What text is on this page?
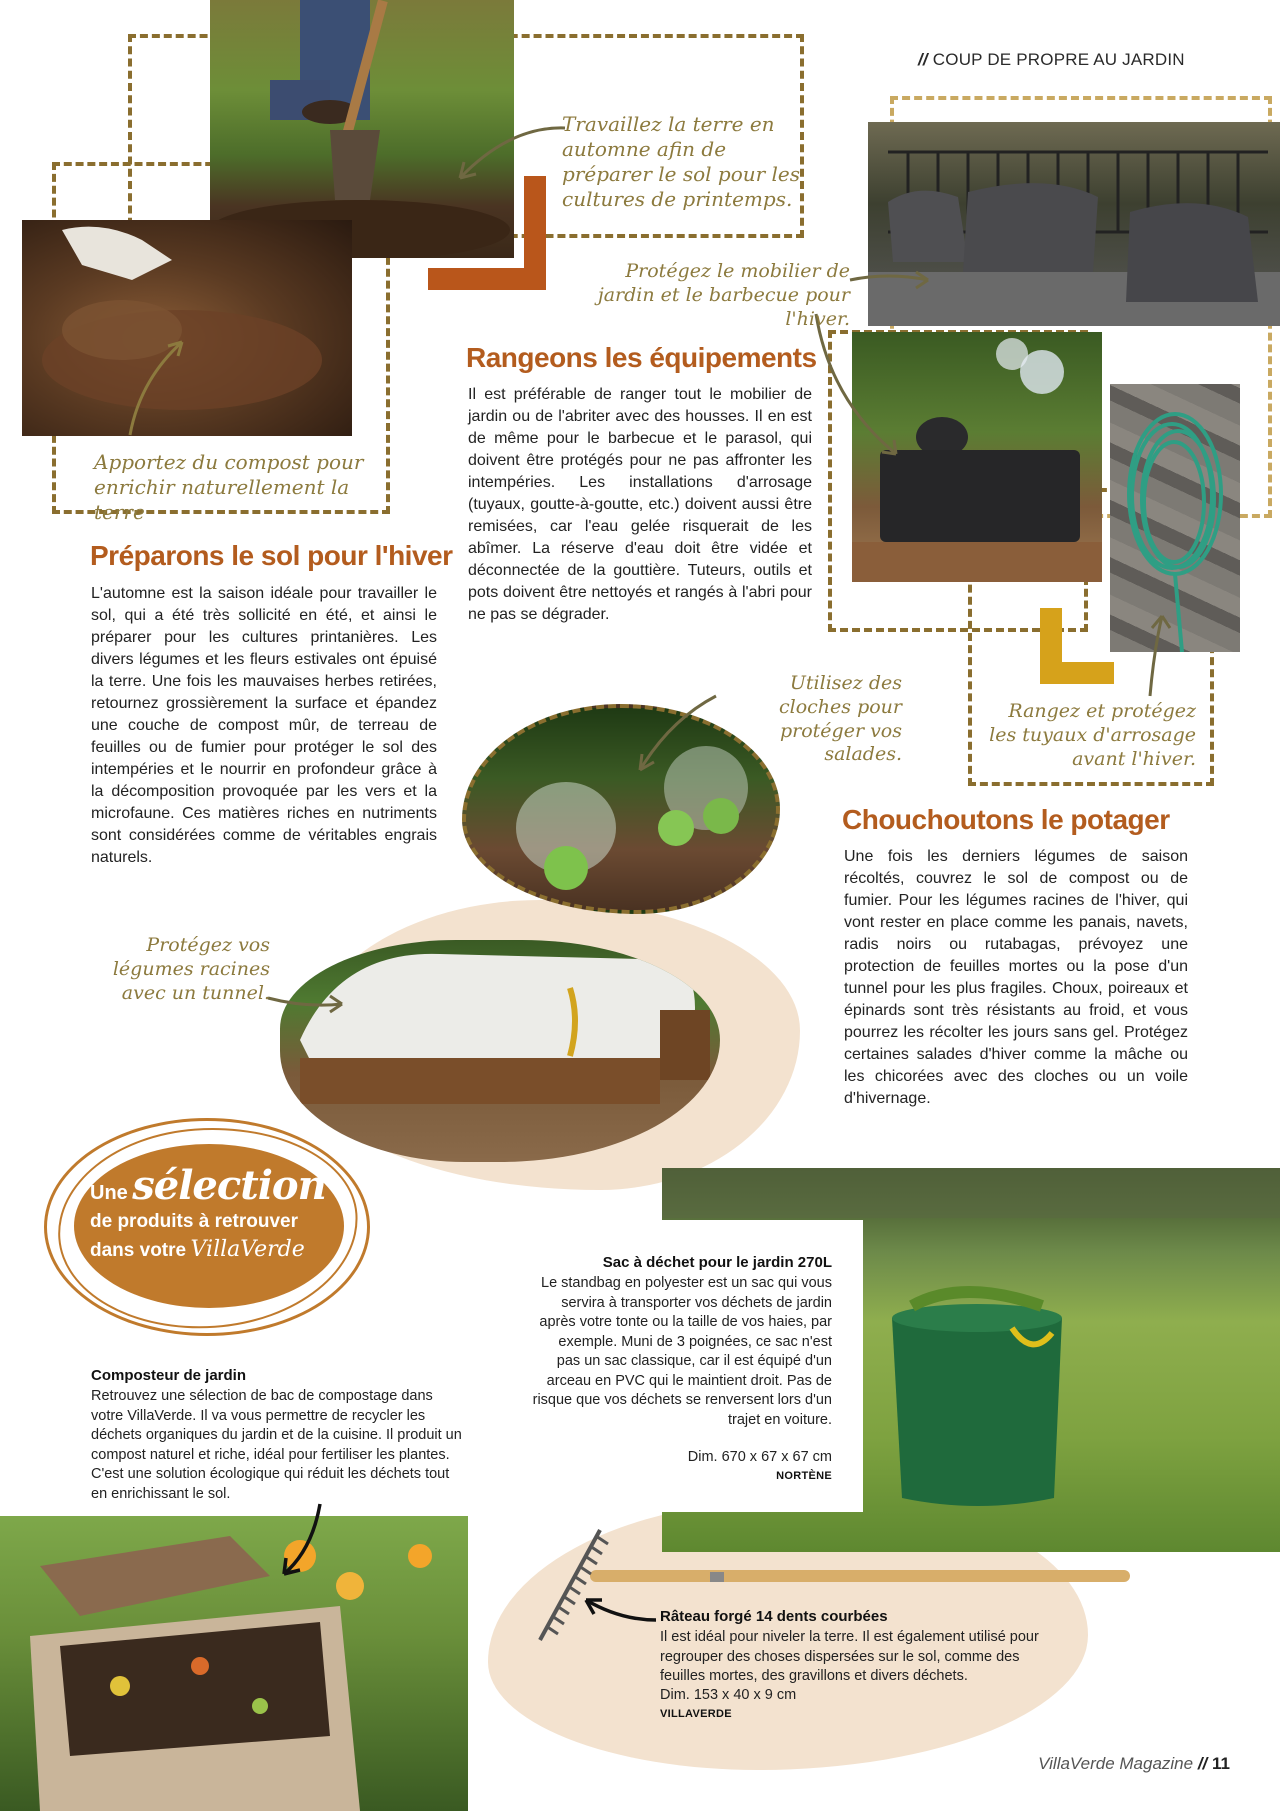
// COUP DE PROPRE AU JARDIN
Travaillez la terre en automne afin de préparer le sol pour les cultures de printemps.
Apportez du compost pour enrichir naturellement la terre
Protégez le mobilier de jardin et le barbecue pour l'hiver.
Utilisez des cloches pour protéger vos salades.
Rangez et protégez les tuyaux d'arrosage avant l'hiver.
Protégez vos légumes racines avec un tunnel.
Préparons le sol pour l'hiver

L'automne est la saison idéale pour travailler le sol, qui a été très sollicité en été, et ainsi le préparer pour les cultures printanières. Les divers légumes et les fleurs estivales ont épuisé la terre. Une fois les mauvaises herbes retirées, retournez grossièrement la surface et épandez une couche de compost mûr, de terreau de feuilles ou de fumier pour protéger le sol des intempéries et le nourrir en profondeur grâce à la décomposition provoquée par les vers et la microfaune. Ces matières riches en nutriments sont considérées comme de véritables engrais naturels.

Rangeons les équipements

Il est préférable de ranger tout le mobilier de jardin ou de l'abriter avec des housses. Il en est de même pour le barbecue et le parasol, qui doivent être protégés pour ne pas affronter les intempéries. Les installations d'arrosage (tuyaux, goutte-à-goutte, etc.) doivent aussi être remisées, car l'eau gelée risquerait de les abîmer. La réserve d'eau doit être vidée et déconnectée de la gouttière. Tuteurs, outils et pots doivent être nettoyés et rangés à l'abri pour ne pas se dégrader.

Chouchoutons le potager

Une fois les derniers légumes de saison récoltés, couvrez le sol de compost ou de fumier. Pour les légumes racines de l'hiver, qui vont rester en place comme les panais, navets, radis noirs ou rutabagas, prévoyez une protection de feuilles mortes ou la pose d'un tunnel pour les plus fragiles. Choux, poireaux et épinards sont très résistants au froid, et vous pourrez les récolter les jours sans gel. Protégez certaines salades d'hiver comme la mâche ou les chicorées avec des cloches ou un voile d'hivernage.

Une sélection
de produits à retrouver
dans votre VillaVerde
Composteur de jardin

Retrouvez une sélection de bac de compostage dans votre VillaVerde. Il va vous permettre de recycler les déchets organiques du jardin et de la cuisine. Il produit un compost naturel et riche, idéal pour fertiliser les plantes. C'est une solution écologique qui réduit les déchets tout en enrichissant le sol.

Sac à déchet pour le jardin 270L

Le standbag en polyester est un sac qui vous servira à transporter vos déchets de jardin après votre tonte ou la taille de vos haies, par exemple. Muni de 3 poignées, ce sac n'est pas un sac classique, car il est équipé d'un arceau en PVC qui le maintient droit. Pas de risque que vos déchets se renversent lors d'un trajet en voiture.

Dim. 670 x 67 x 67 cm
NORTÈNE
Râteau forgé 14 dents courbées

Il est idéal pour niveler la terre. Il est également utilisé pour regrouper des choses dispersées sur le sol, comme des feuilles mortes, des gravillons et divers déchets.

Dim. 153 x 40 x 9 cm
VILLAVERDE
VillaVerde Magazine // 11
